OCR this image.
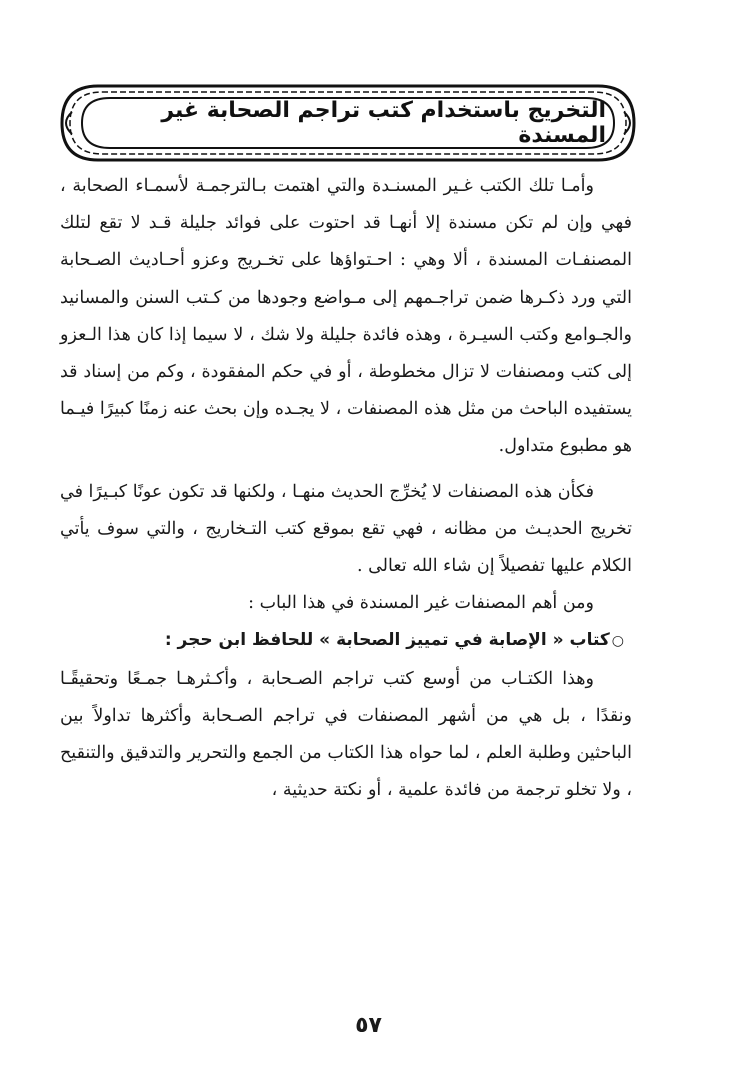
التخريج باستخدام كتب تراجم الصحابة غير المسندة

وأمـا تلك الكتب غـير المسنـدة والتي اهتمت بـالترجمـة لأسمـاء الصحابة ، فهي وإن لم تكن مسندة إلا أنهـا قد احتوت على فوائد جليلة قـد لا تقع لتلك المصنفـات المسندة ، ألا وهي : احـتواؤها على تخـريج وعزو أحـاديث الصـحابة التي ورد ذكـرها ضمن تراجـمهم إلى مـواضع وجودها من كـتب السنن والمسانيد والجـوامع وكتب السيـرة ، وهذه فائدة جليلة ولا شك ، لا سيما إذا كان هذا الـعزو إلى كتب ومصنفات لا تزال مخطوطة ، أو في حكم المفقودة ، وكم من إسناد قد يستفيده الباحث من مثل هذه المصنفات ، لا يجـده وإن بحث عنه زمنًا كبيرًا فيـما هو مطبوع متداول.

فكأن هذه المصنفات لا يُخرِّج الحديث منهـا ، ولكنها قد تكون عونًا كبـيرًا في تخريج الحديـث من مظانه ، فهي تقع بموقع كتب التـخاريج ، والتي سوف يأتي الكلام عليها تفصيلاً إن شاء الله تعالى .

ومن أهم المصنفات غير المسندة في هذا الباب :

○كتاب « الإصابة في تمييز الصحابة » للحافظ ابن حجر :

وهذا الكتـاب من أوسع كتب تراجم الصـحابة ، وأكـثرهـا جمـعًا وتحقيقًـا ونقدًا ، بل هي من أشهر المصنفات في تراجم الصـحابة وأكثرها تداولاً بين الباحثين وطلبة العلم ، لما حواه هذا الكتاب من الجمع والتحرير والتدقيق والتنقيح ، ولا تخلو ترجمة من فائدة علمية ، أو نكتة حديثية ،

٥٧
